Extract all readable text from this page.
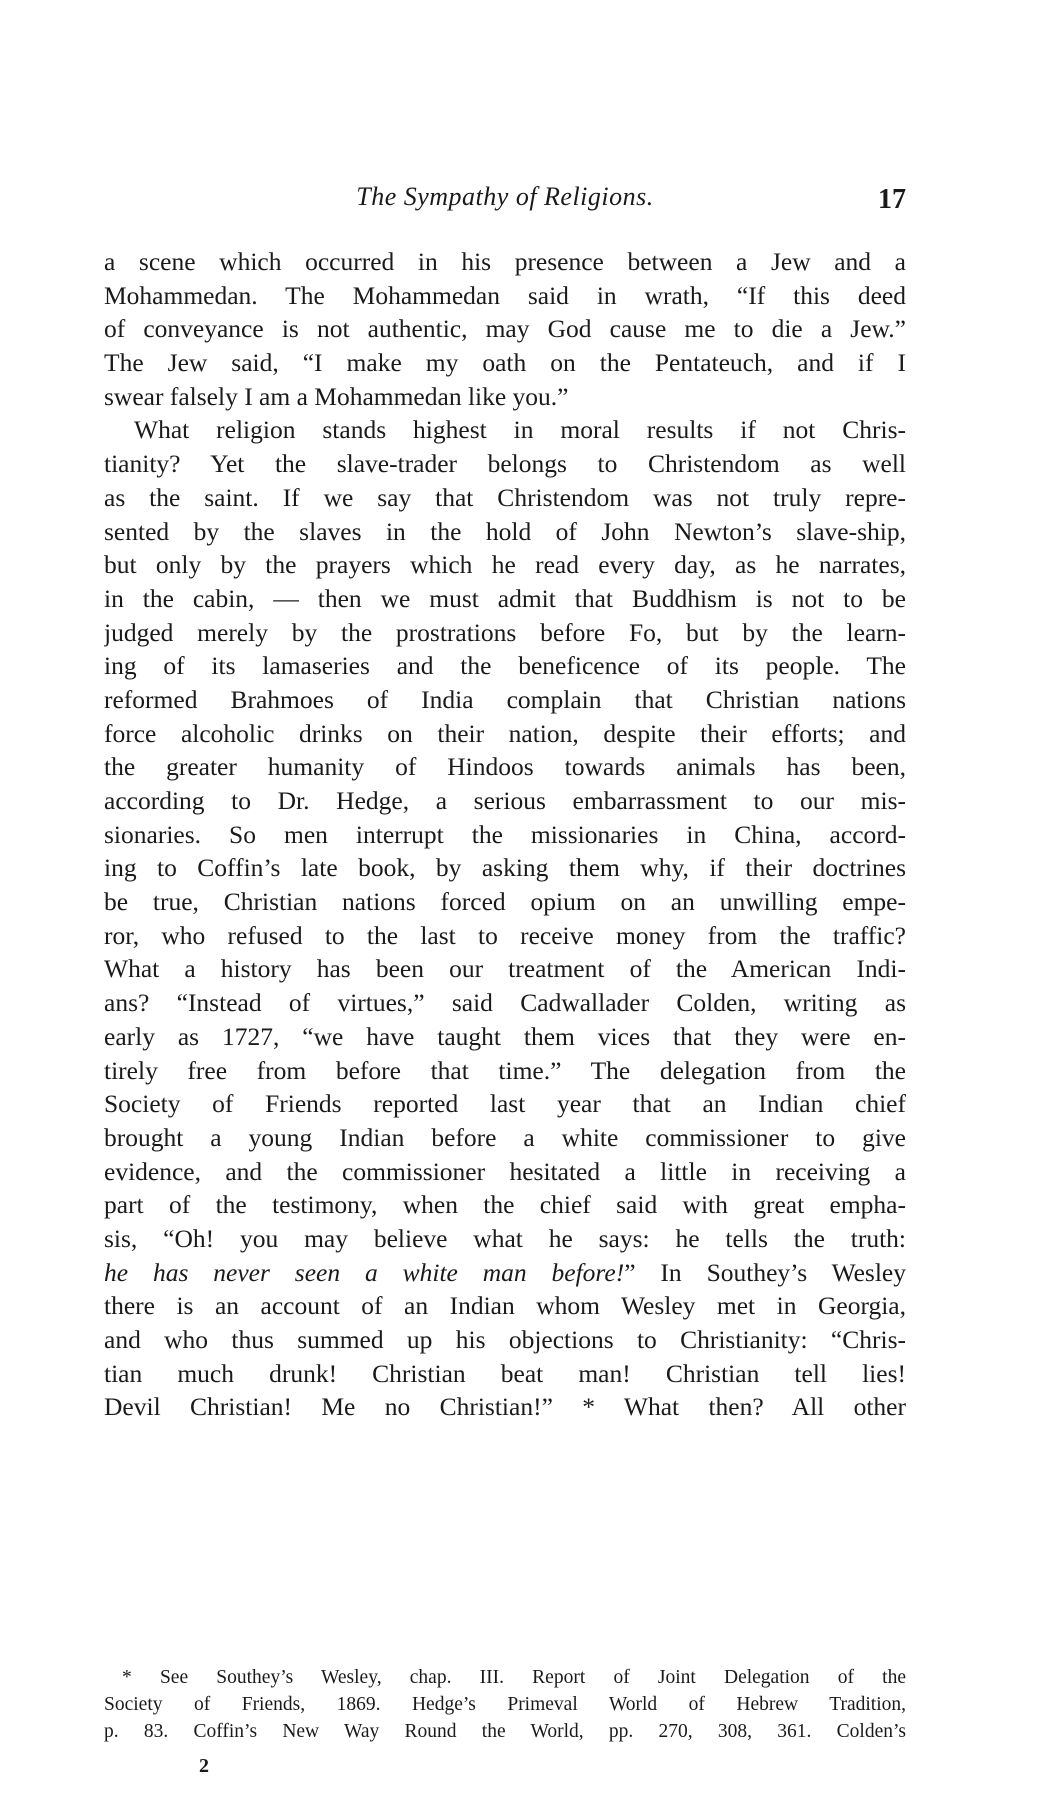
The Sympathy of Religions.	17
a scene which occurred in his presence between a Jew and a
Mohammedan. The Mohammedan said in wrath, “If this deed
of conveyance is not authentic, may God cause me to die a Jew.”
The Jew said, “I make my oath on the Pentateuch, and if I
swear falsely I am a Mohammedan like you.”
What religion stands highest in moral results if not Chris-
tianity? Yet the slave-trader belongs to Christendom as well
as the saint. If we say that Christendom was not truly repre-
sented by the slaves in the hold of John Newton’s slave-ship,
but only by the prayers which he read every day, as he narrates,
in the cabin, — then we must admit that Buddhism is not to be
judged merely by the prostrations before Fo, but by the learn-
ing of its lamaseries and the beneficence of its people. The
reformed Brahmoes of India complain that Christian nations
force alcoholic drinks on their nation, despite their efforts; and
the greater humanity of Hindoos towards animals has been,
according to Dr. Hedge, a serious embarrassment to our mis-
sionaries. So men interrupt the missionaries in China, accord-
ing to Coffin’s late book, by asking them why, if their doctrines
be true, Christian nations forced opium on an unwilling empe-
ror, who refused to the last to receive money from the traffic?
What a history has been our treatment of the American Indi-
ans? “Instead of virtues,” said Cadwallader Colden, writing as
early as 1727, “we have taught them vices that they were en-
tirely free from before that time.” The delegation from the
Society of Friends reported last year that an Indian chief
brought a young Indian before a white commissioner to give
evidence, and the commissioner hesitated a little in receiving a
part of the testimony, when the chief said with great empha-
sis, “Oh! you may believe what he says: he tells the truth:
he has never seen a white man before!” In Southey’s Wesley
there is an account of an Indian whom Wesley met in Georgia,
and who thus summed up his objections to Christianity: “Chris-
tian much drunk! Christian beat man! Christian tell lies!
Devil Christian! Me no Christian!” * What then? All other
* See Southey’s Wesley, chap. III. Report of Joint Delegation of the
Society of Friends, 1869. Hedge’s Primeval World of Hebrew Tradition,
p. 83. Coffin’s New Way Round the World, pp. 270, 308, 361. Colden’s
2
